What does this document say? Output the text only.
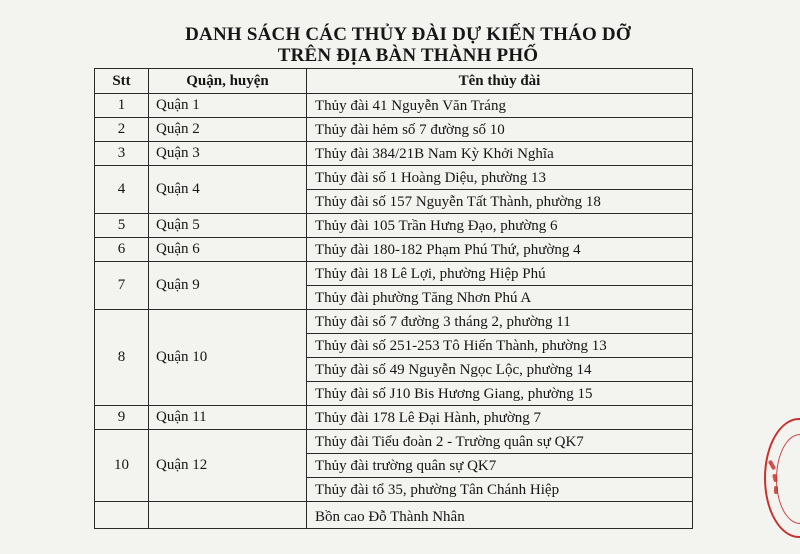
DANH SÁCH CÁC THỦY ĐÀI DỰ KIẾN THÁO DỠ
TRÊN ĐỊA BÀN THÀNH PHỐ
Stt	Quận, huyện	Tên thủy đài
1	Quận 1	Thủy đài 41 Nguyễn Văn Tráng
2	Quận 2	Thủy đài hẻm số 7 đường số 10
3	Quận 3	Thủy đài 384/21B Nam Kỳ Khởi Nghĩa
4	Quận 4	Thủy đài số 1 Hoàng Diệu, phường 13
		Thủy đài số 157 Nguyễn Tất Thành, phường 18
5	Quận 5	Thủy đài 105 Trần Hưng Đạo, phường 6
6	Quận 6	Thủy đài 180-182 Phạm Phú Thứ, phường 4
7	Quận 9	Thủy đài 18 Lê Lợi, phường Hiệp Phú
		Thủy đài phường Tăng Nhơn Phú A
8	Quận 10	Thủy đài số 7 đường 3 tháng 2, phường 11
		Thủy đài số 251-253 Tô Hiến Thành, phường 13
		Thủy đài số 49 Nguyễn Ngọc Lộc, phường 14
		Thủy đài số J10 Bis Hương Giang, phường 15
9	Quận 11	Thủy đài 178 Lê Đại Hành, phường 7
10	Quận 12	Thủy đài Tiểu đoàn 2 - Trường quân sự QK7
		Thủy đài trường quân sự QK7
		Thủy đài tổ 35, phường Tân Chánh Hiệp
		Bồn cao Đỗ Thành Nhân
